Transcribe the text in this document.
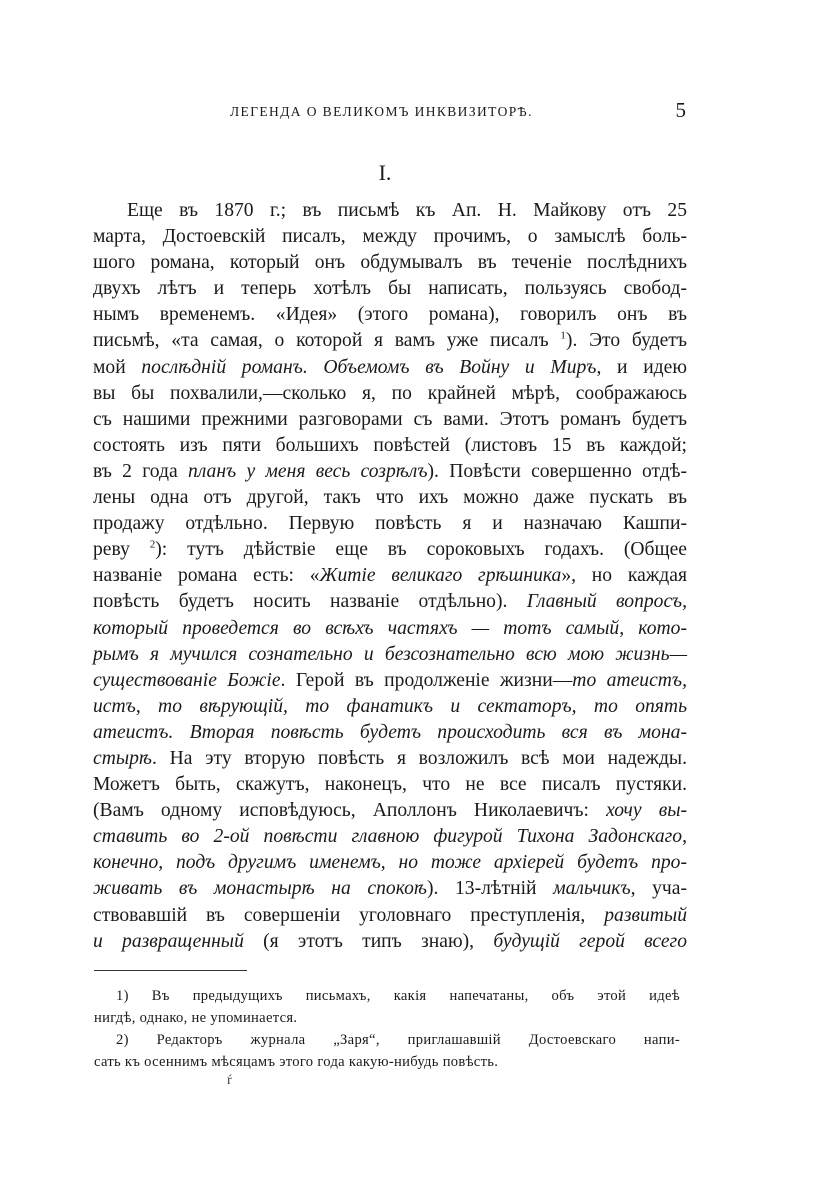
ЛЕГЕНДА О ВЕЛИКОМЪ ИНКВИЗИТОРѢ.	5
I.
Еще въ 1870 г.; въ письмѣ къ Ап. Н. Майкову отъ 25
марта, Достоевскій писалъ, между прочимъ, о замыслѣ боль-
шого романа, который онъ обдумывалъ въ теченіе послѣднихъ
двухъ лѣтъ и теперь хотѣлъ бы написать, пользуясь свобод-
нымъ временемъ. «Идея» (этого романа), говорилъ онъ въ
письмѣ, «та самая, о которой я вамъ уже писалъ $^1$). Это будетъ
мой послѣдній романъ. Объемомъ въ Войну и Миръ, и идею
вы бы похвалили,—сколько я, по крайней мѣрѣ, соображаюсь
съ нашими прежними разговорами съ вами. Этотъ романъ будетъ
состоять изъ пяти большихъ повѣстей (листовъ 15 въ каждой;
въ 2 года планъ у меня весь созрѣлъ). Повѣсти совершенно отдѣ-
лены одна отъ другой, такъ что ихъ можно даже пускать въ
продажу отдѣльно. Первую повѣсть я и назначаю Кашпи-
реву $^2$): тутъ дѣйствіе еще въ сороковыхъ годахъ. (Общее
названіе романа есть: «Житіе великаго грѣшника», но каждая
повѣсть будетъ носить названіе отдѣльно). Главный вопросъ,
который проведется во всѣхъ частяхъ — тотъ самый, кото-
рымъ я мучился сознательно и безсознательно всю мою жизнь—
существованіе Божіе. Герой въ продолженіе жизни—то атеистъ,
истъ, то вѣрующій, то фанатикъ и сектаторъ, то опять
атеистъ. Вторая повѣсть будетъ происходить вся въ мона-
стырѣ. На эту вторую повѣсть я возложилъ всѣ мои надежды.
Можетъ быть, скажутъ, наконецъ, что не все писалъ пустяки.
(Вамъ одному исповѣдуюсь, Аполлонъ Николаевичъ: хочу вы-
ставить во 2-ой повѣсти главною фигурой Тихона Задонскаго,
конечно, подъ другимъ именемъ, но тоже архіерей будетъ про-
живать въ монастырѣ на спокоѣ). 13-лѣтній мальчикъ, уча-
ствовавшій въ совершеніи уголовнаго преступленія, развитый
и развращенный (я этотъ типъ знаю), будущій герой всего
1) Въ предыдущихъ письмахъ, какія напечатаны, объ этой идеѣ
нигдѣ, однако, не упоминается.
2) Редакторъ журнала „Заря“, приглашавшій Достоевскаго напи-
сать къ осеннимъ мѣсяцамъ этого года какую-нибудь повѣсть.
ŕ
